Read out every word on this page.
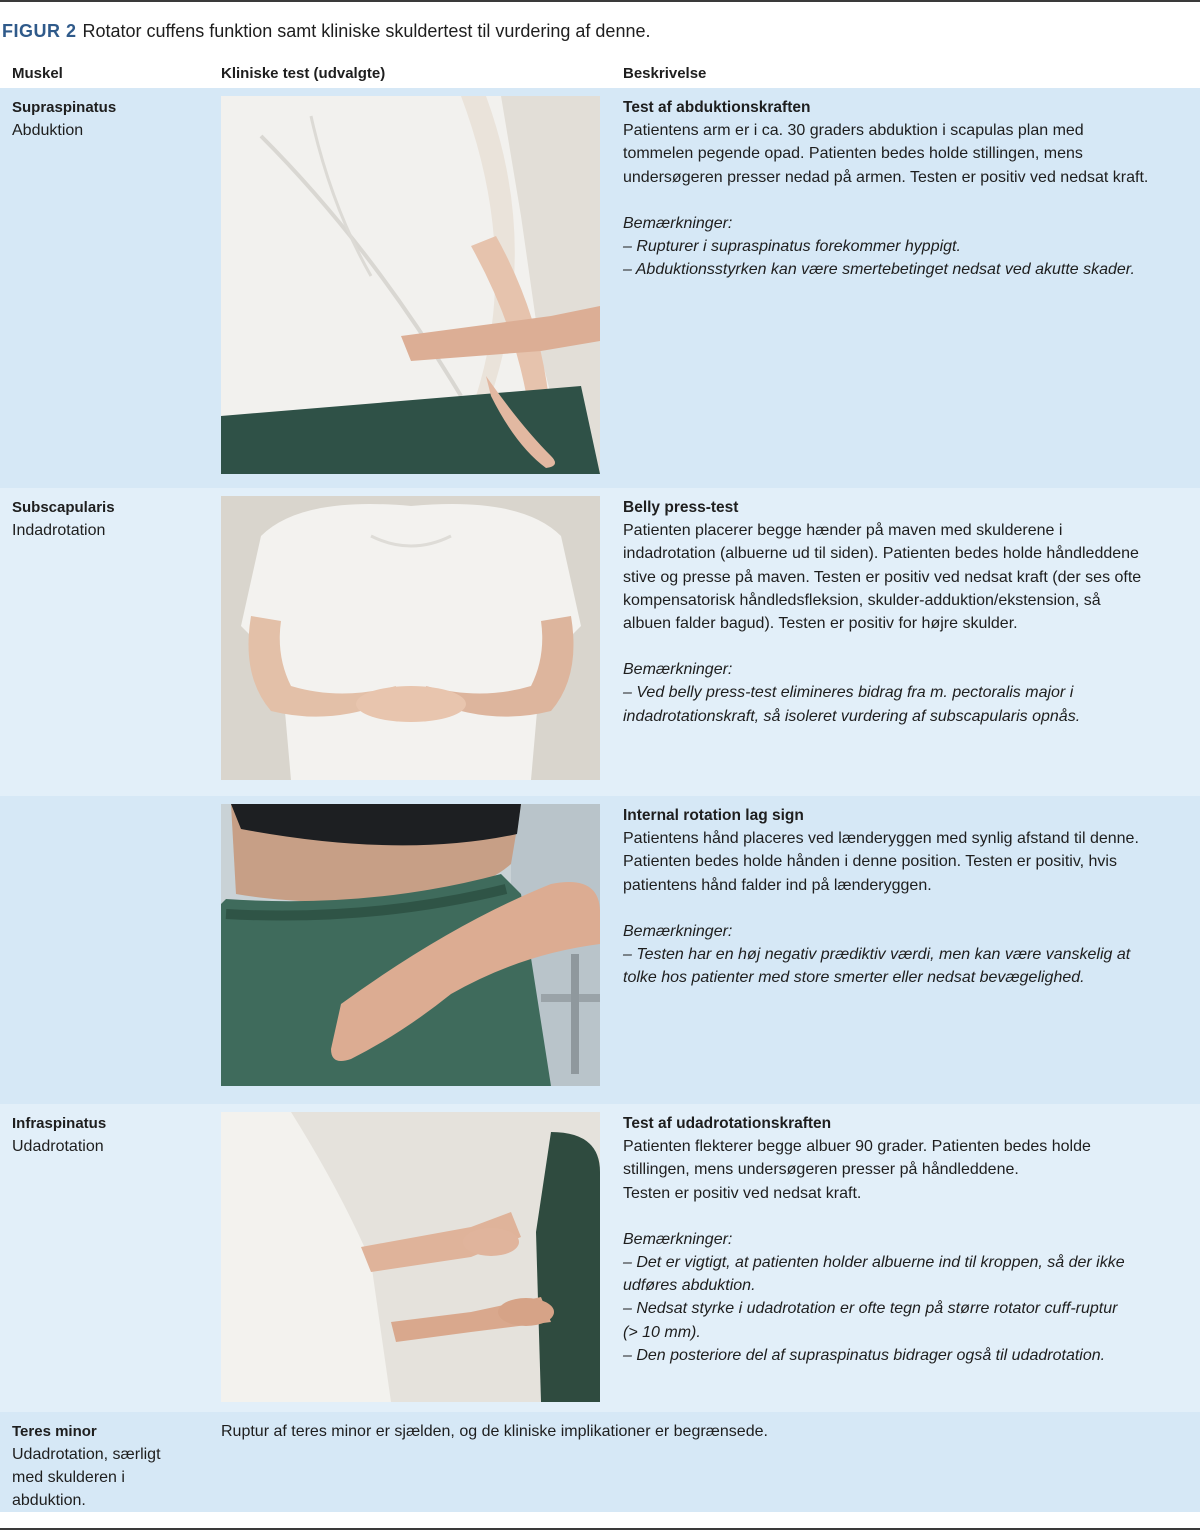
FIGUR 2 Rotator cuffens funktion samt kliniske skuldertest til vurdering af denne.
Muskel	Kliniske test (udvalgte)	Beskrivelse
Supraspinatus
Abduktion
Test af abduktionskraften
Patientens arm er i ca. 30 graders abduktion i scapulas plan med
tommelen pegende opad. Patienten bedes holde stillingen, mens
undersøgeren presser nedad på armen. Testen er positiv ved nedsat kraft.
Bemærkninger:
– Rupturer i supraspinatus forekommer hyppigt.
– Abduktionsstyrken kan være smertebetinget nedsat ved akutte skader.
Subscapularis
Indadrotation
Belly press-test
Patienten placerer begge hænder på maven med skulderene i
indadrotation (albuerne ud til siden). Patienten bedes holde håndleddene
stive og presse på maven. Testen er positiv ved nedsat kraft (der ses ofte
kompensatorisk håndledsfleksion, skulder-adduktion/ekstension, så
albuen falder bagud). Testen er positiv for højre skulder.
Bemærkninger:
– Ved belly press-test elimineres bidrag fra m. pectoralis major i
indadrotationskraft, så isoleret vurdering af subscapularis opnås.
Internal rotation lag sign
Patientens hånd placeres ved lænderyggen med synlig afstand til denne.
Patienten bedes holde hånden i denne position. Testen er positiv, hvis
patientens hånd falder ind på lænderyggen.
Bemærkninger:
– Testen har en høj negativ prædiktiv værdi, men kan være vanskelig at
tolke hos patienter med store smerter eller nedsat bevægelighed.
Infraspinatus
Udadrotation
Test af udadrotationskraften
Patienten flekterer begge albuer 90 grader. Patienten bedes holde
stillingen, mens undersøgeren presser på håndleddene.
Testen er positiv ved nedsat kraft.
Bemærkninger:
– Det er vigtigt, at patienten holder albuerne ind til kroppen, så der ikke
udføres abduktion.
– Nedsat styrke i udadrotation er ofte tegn på større rotator cuff-ruptur
(> 10 mm).
– Den posteriore del af supraspinatus bidrager også til udadrotation.
Teres minor
Udadrotation, særligt
med skulderen i
abduktion.
Ruptur af teres minor er sjælden, og de kliniske implikationer er begrænsede.
